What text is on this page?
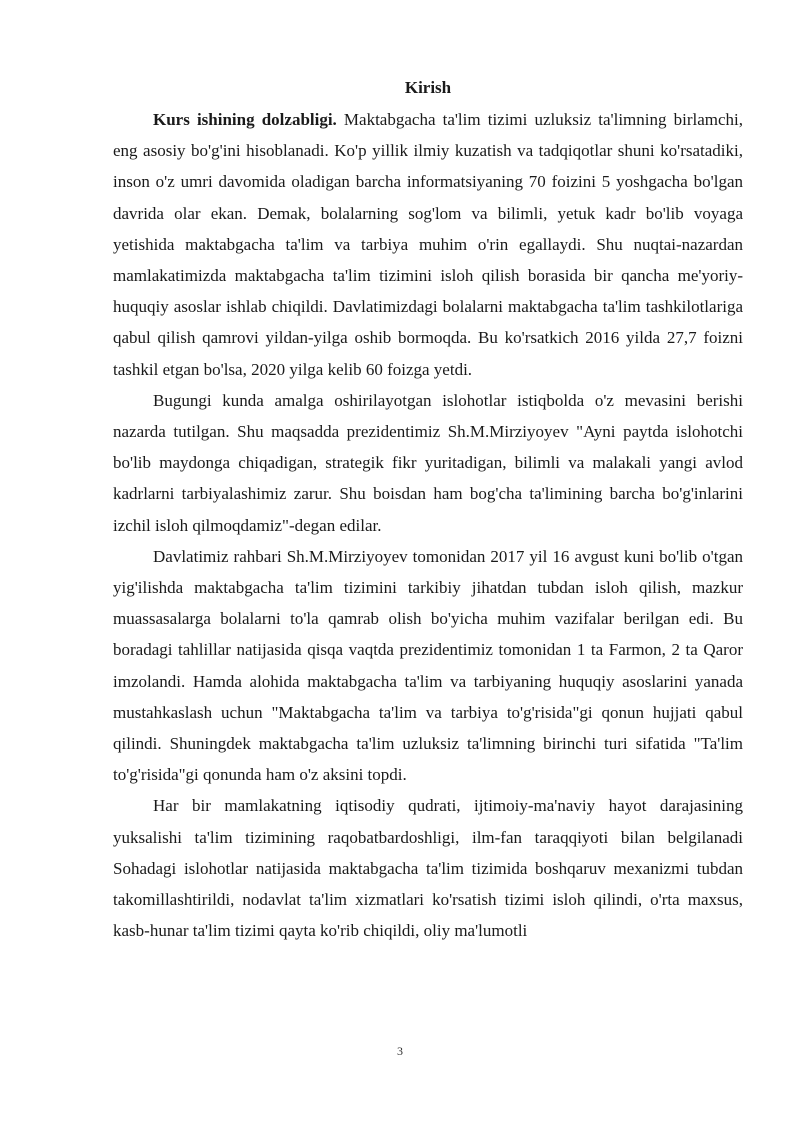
Kirish

Kurs ishining dolzabligi. Maktabgacha ta'lim tizimi uzluksiz ta'limning birlamchi, eng asosiy bo'g'ini hisoblanadi. Ko'p yillik ilmiy kuzatish va tadqiqotlar shuni ko'rsatadiki, inson o'z umri davomida oladigan barcha informatsiyaning 70 foizini 5 yoshgacha bo'lgan davrida olar ekan. Demak, bolalarning sog'lom va bilimli, yetuk kadr bo'lib voyaga yetishida maktabgacha ta'lim va tarbiya muhim o'rin egallaydi. Shu nuqtai-nazardan mamlakatimizda maktabgacha ta'lim tizimini isloh qilish borasida bir qancha me'yoriy-huquqiy asoslar ishlab chiqildi. Davlatimizdagi bolalarni maktabgacha ta'lim tashkilotlariga qabul qilish qamrovi yildan-yilga oshib bormoqda. Bu ko'rsatkich 2016 yilda 27,7 foizni tashkil etgan bo'lsa, 2020 yilga kelib 60 foizga yetdi.

Bugungi kunda amalga oshirilayotgan islohotlar istiqbolda o'z mevasini berishi nazarda tutilgan. Shu maqsadda prezidentimiz Sh.M.Mirziyoyev "Ayni paytda islohotchi bo'lib maydonga chiqadigan, strategik fikr yuritadigan, bilimli va malakali yangi avlod kadrlarni tarbiyalashimiz zarur. Shu boisdan ham bog'cha ta'limining barcha bo'g'inlarini izchil isloh qilmoqdamiz"-degan edilar.

Davlatimiz rahbari Sh.M.Mirziyoyev tomonidan 2017 yil 16 avgust kuni bo'lib o'tgan yig'ilishda maktabgacha ta'lim tizimini tarkibiy jihatdan tubdan isloh qilish, mazkur muassasalarga bolalarni to'la qamrab olish bo'yicha muhim vazifalar berilgan edi. Bu boradagi tahlillar natijasida qisqa vaqtda prezidentimiz tomonidan 1 ta Farmon, 2 ta Qaror imzolandi. Hamda alohida maktabgacha ta'lim va tarbiyaning huquqiy asoslarini yanada mustahkaslash uchun "Maktabgacha ta'lim va tarbiya to'g'risida"gi qonun hujjati qabul qilindi. Shuningdek maktabgacha ta'lim uzluksiz ta'limning birinchi turi sifatida "Ta'lim to'g'risida"gi qonunda ham o'z aksini topdi.

Har bir mamlakatning iqtisodiy qudrati, ijtimoiy-ma'naviy hayot darajasining yuksalishi ta'lim tizimining raqobatbardoshligi, ilm-fan taraqqiyoti bilan belgilanadi Sohadagi islohotlar natijasida maktabgacha ta'lim tizimida boshqaruv mexanizmi tubdan takomillashtirildi, nodavlat ta'lim xizmatlari ko'rsatish tizimi isloh qilindi, o'rta maxsus, kasb-hunar ta'lim tizimi qayta ko'rib chiqildi, oliy ma'lumotli

3
